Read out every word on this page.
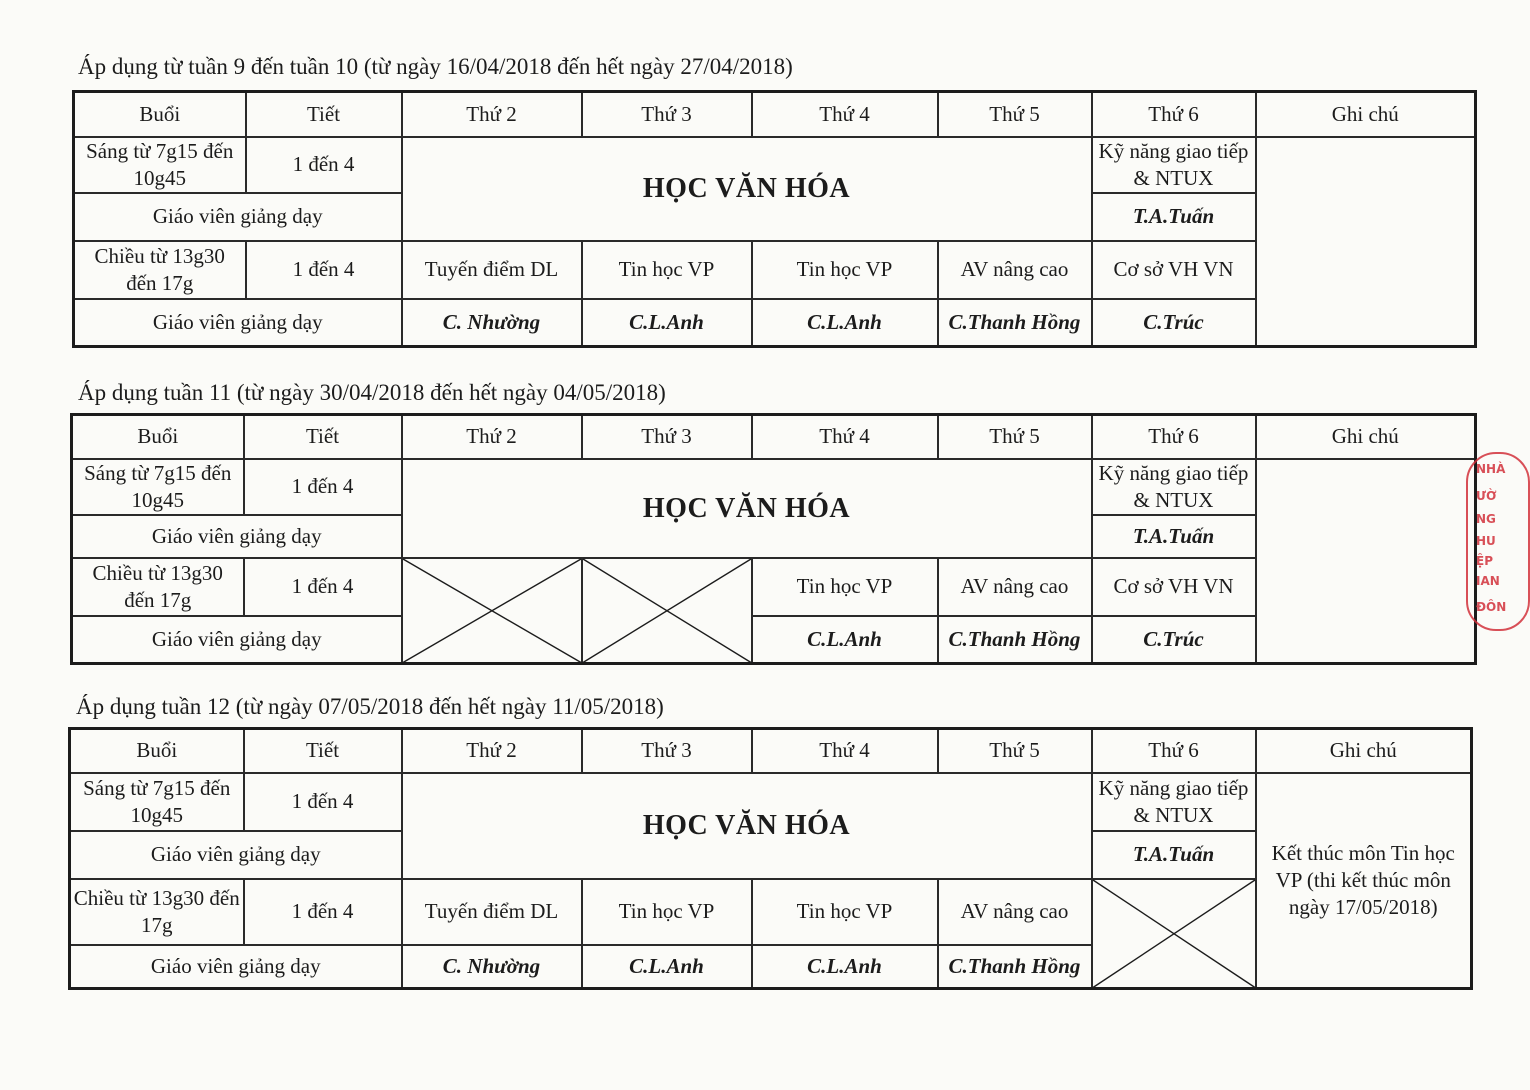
Áp dụng từ tuần 9 đến tuần 10 (từ ngày 16/04/2018 đến hết ngày 27/04/2018)
Buổi	Tiết	Thứ 2	Thứ 3	Thứ 4	Thứ 5	Thứ 6	Ghi chú
Sáng từ 7g15 đến 10g45	1 đến 4	HỌC VĂN HÓA				Kỹ năng giao tiếp & NTUX	
Giáo viên giảng dạy						T.A.Tuấn	
Chiều từ 13g30 đến 17g	1 đến 4	Tuyến điểm DL	Tin học VP	Tin học VP	AV nâng cao	Cơ sở VH VN	
Giáo viên giảng dạy		C. Nhường	C.L.Anh	C.L.Anh	C.Thanh Hồng	C.Trúc	
Áp dụng tuần 11 (từ ngày 30/04/2018 đến hết ngày 04/05/2018)
Buổi	Tiết	Thứ 2	Thứ 3	Thứ 4	Thứ 5	Thứ 6	Ghi chú
Sáng từ 7g15 đến 10g45	1 đến 4	HỌC VĂN HÓA				Kỹ năng giao tiếp & NTUX	
Giáo viên giảng dạy						T.A.Tuấn	
Chiều từ 13g30 đến 17g	1 đến 4			Tin học VP	AV nâng cao	Cơ sở VH VN	
Giáo viên giảng dạy				C.L.Anh	C.Thanh Hồng	C.Trúc	
Áp dụng tuần 12 (từ ngày 07/05/2018 đến hết ngày 11/05/2018)
Buổi	Tiết	Thứ 2	Thứ 3	Thứ 4	Thứ 5	Thứ 6	Ghi chú
Sáng từ 7g15 đến 10g45	1 đến 4	HỌC VĂN HÓA				Kỹ năng giao tiếp & NTUX	Kết thúc môn Tin học VP (thi kết thúc môn ngày 17/05/2018)
Giáo viên giảng dạy						T.A.Tuấn	
Chiều từ 13g30 đến 17g	1 đến 4	Tuyến điểm DL	Tin học VP	Tin học VP	AV nâng cao	

Giáo viên giảng dạy		C. Nhường	C.L.Anh	C.L.Anh	C.Thanh Hồng		
NHÀ
ƯỜ
NG
HU
ỆP
IAN
ĐÔN
